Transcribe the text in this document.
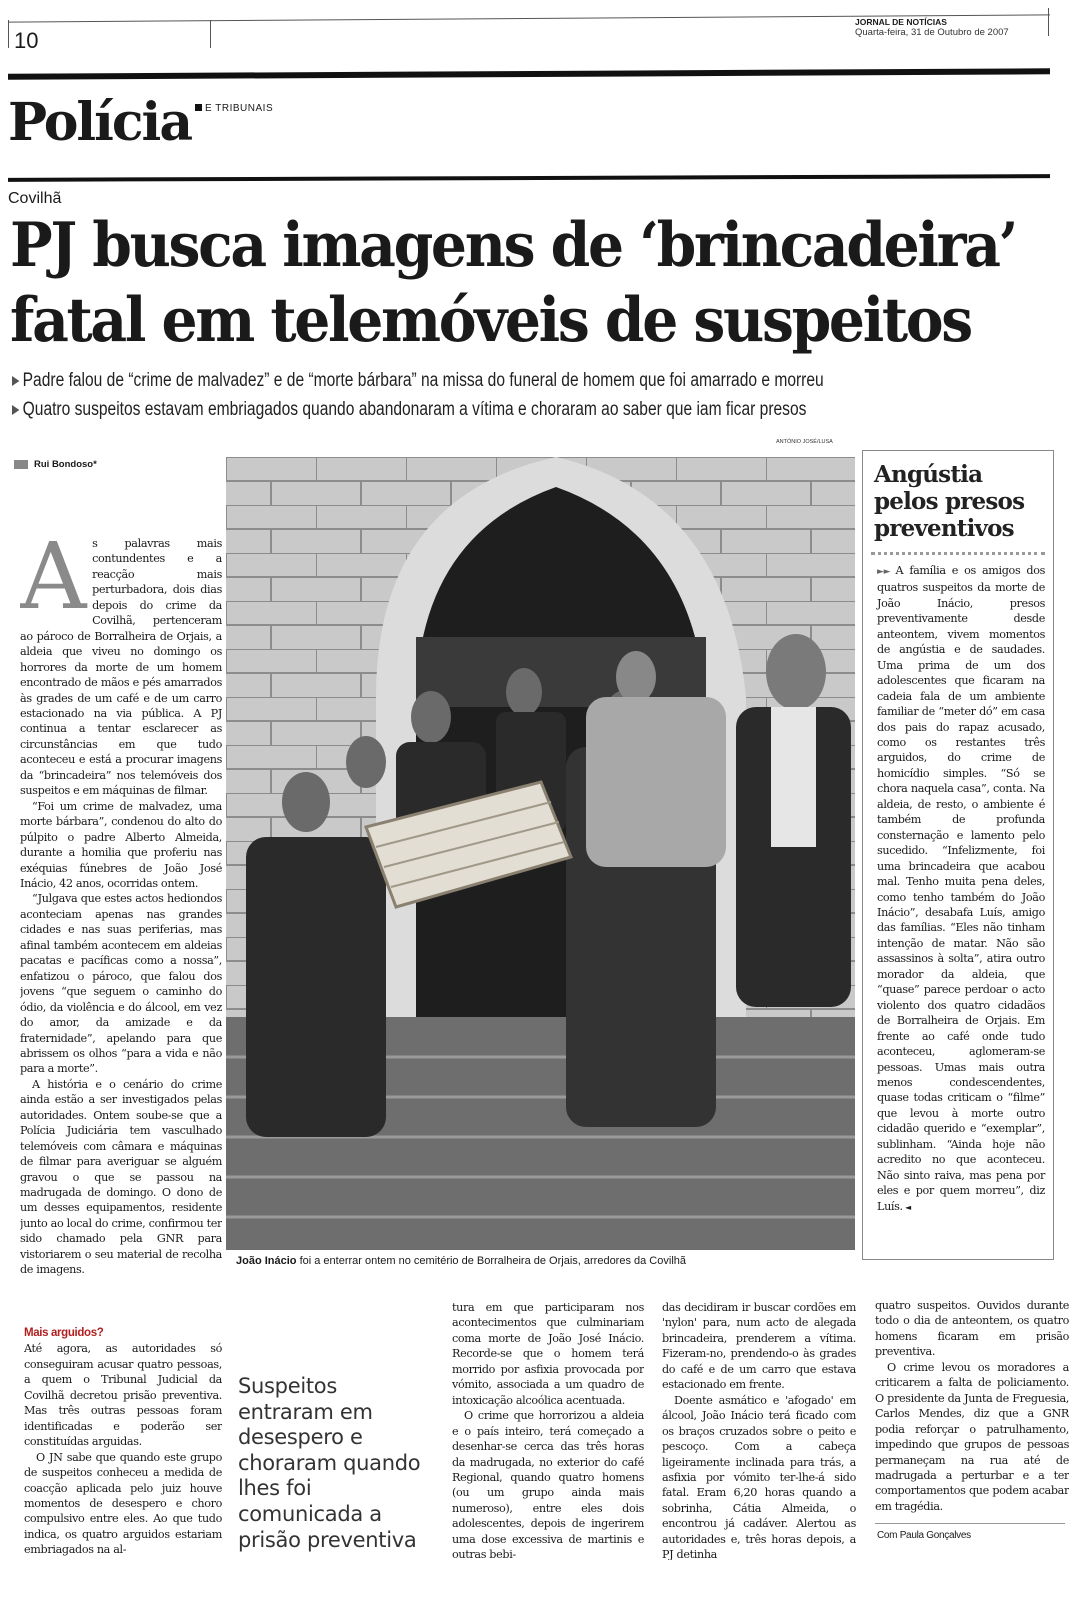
10
JORNAL DE NOTÍCIAS
Quarta-feira, 31 de Outubro de 2007
Polícia	E TRIBUNAIS
Covilhã
PJ busca imagens de ‘brincadeira’
fatal em telemóveis de suspeitos
Padre falou de “crime de malvadez” e de “morte bárbara” na missa do funeral de homem que foi amarrado e morreu
Quatro suspeitos estavam embriagados quando abandonaram a vítima e choraram ao saber que iam ficar presos
ANTÓNIO JOSÉ/LUSA
Rui Bondoso*
A s palavras mais contundentes e a reacção mais perturbadora, dois dias depois do crime da Covilhã, pertenceram ao pároco de Borralheira de Orjais, a aldeia que viveu no domingo os horrores da morte de um homem encontrado de mãos e pés amarrados às grades de um café e de um carro estacionado na via pública. A PJ continua a tentar esclarecer as circunstâncias em que tudo aconteceu e está a procurar imagens da “brincadeira” nos telemóveis dos suspeitos e em máquinas de filmar.

“Foi um crime de malvadez, uma morte bárbara”, condenou do alto do púlpito o padre Alberto Almeida, durante a homilia que proferiu nas exéquias fúnebres de João José Inácio, 42 anos, ocorridas ontem.

“Julgava que estes actos hediondos aconteciam apenas nas grandes cidades e nas suas periferias, mas afinal também acontecem em aldeias pacatas e pacíficas como a nossa”, enfatizou o pároco, que falou dos jovens “que seguem o caminho do ódio, da violência e do álcool, em vez do amor, da amizade e da fraternidade”, apelando para que abrissem os olhos “para a vida e não para a morte”.

A história e o cenário do crime ainda estão a ser investigados pelas autoridades. Ontem soube-se que a Polícia Judiciária tem vasculhado telemóveis com câmara e máquinas de filmar para averiguar se alguém gravou o que se passou na madrugada de domingo. O dono de um desses equipamentos, residente junto ao local do crime, confirmou ter sido chamado pela GNR para vistoriarem o seu material de recolha de imagens.

Mais arguidos?

Até agora, as autoridades só conseguiram acusar quatro pessoas, a quem o Tribunal Judicial da Covilhã decretou prisão preventiva. Mas três outras pessoas foram identificadas e poderão ser constituídas arguidas.

O JN sabe que quando este grupo de suspeitos conheceu a medida de coacção aplicada pelo juiz houve momentos de desespero e choro compulsivo entre eles. Ao que tudo indica, os quatro arguidos estariam embriagados na al-

João Inácio foi a enterrar ontem no cemitério de Borralheira de Orjais, arredores da Covilhã
Angústia pelos presos preventivos

►► A família e os amigos dos quatros suspeitos da morte de João Inácio, presos preventivamente desde anteontem, vivem momentos de angústia e de saudades. Uma prima de um dos adolescentes que ficaram na cadeia fala de um ambiente familiar de “meter dó” em casa dos pais do rapaz acusado, como os restantes três arguidos, do crime de homicídio simples. “Só se chora naquela casa”, conta. Na aldeia, de resto, o ambiente é também de profunda consternação e lamento pelo sucedido. “Infelizmente, foi uma brincadeira que acabou mal. Tenho muita pena deles, como tenho também do João Inácio”, desabafa Luís, amigo das famílias. “Eles não tinham intenção de matar. Não são assassinos à solta”, atira outro morador da aldeia, que “quase” parece perdoar o acto violento dos quatro cidadãos de Borralheira de Orjais. Em frente ao café onde tudo aconteceu, aglomeram-se pessoas. Umas mais outra menos condescendentes, quase todas criticam o “filme” que levou à morte outro cidadão querido e “exemplar”, sublinham. “Ainda hoje não acredito no que aconteceu. Não sinto raiva, mas pena por eles e por quem morreu”, diz Luís. ◄

Suspeitos entraram em desespero e choraram quando lhes foi comunicada a prisão preventiva

tura em que participaram nos acontecimentos que culminariam coma morte de João José Inácio. Recorde-se que o homem terá morrido por asfixia provocada por vómito, associada a um quadro de intoxicação alcoólica acentuada.

O crime que horrorizou a aldeia e o país inteiro, terá começado a desenhar-se cerca das três horas da madrugada, no exterior do café Regional, quando quatro homens (ou um grupo ainda mais numeroso), entre eles dois adolescentes, depois de ingerirem uma dose excessiva de martinis e outras bebi-

das decidiram ir buscar cordões em 'nylon' para, num acto de alegada brincadeira, prenderem a vítima. Fizeram-no, prendendo-o às grades do café e de um carro que estava estacionado em frente.

Doente asmático e 'afogado' em álcool, João Inácio terá ficado com os braços cruzados sobre o peito e pescoço. Com a cabeça ligeiramente inclinada para trás, a asfixia por vómito ter-lhe-á sido fatal. Eram 6,20 horas quando a sobrinha, Cátia Almeida, o encontrou já cadáver. Alertou as autoridades e, três horas depois, a PJ detinha

quatro suspeitos. Ouvidos durante todo o dia de anteontem, os quatro homens ficaram em prisão preventiva.

O crime levou os moradores a criticarem a falta de policiamento. O presidente da Junta de Freguesia, Carlos Mendes, diz que a GNR podia reforçar o patrulhamento, impedindo que grupos de pessoas permaneçam na rua até de madrugada a perturbar e a ter comportamentos que podem acabar em tragédia.

Com Paula Gonçalves
